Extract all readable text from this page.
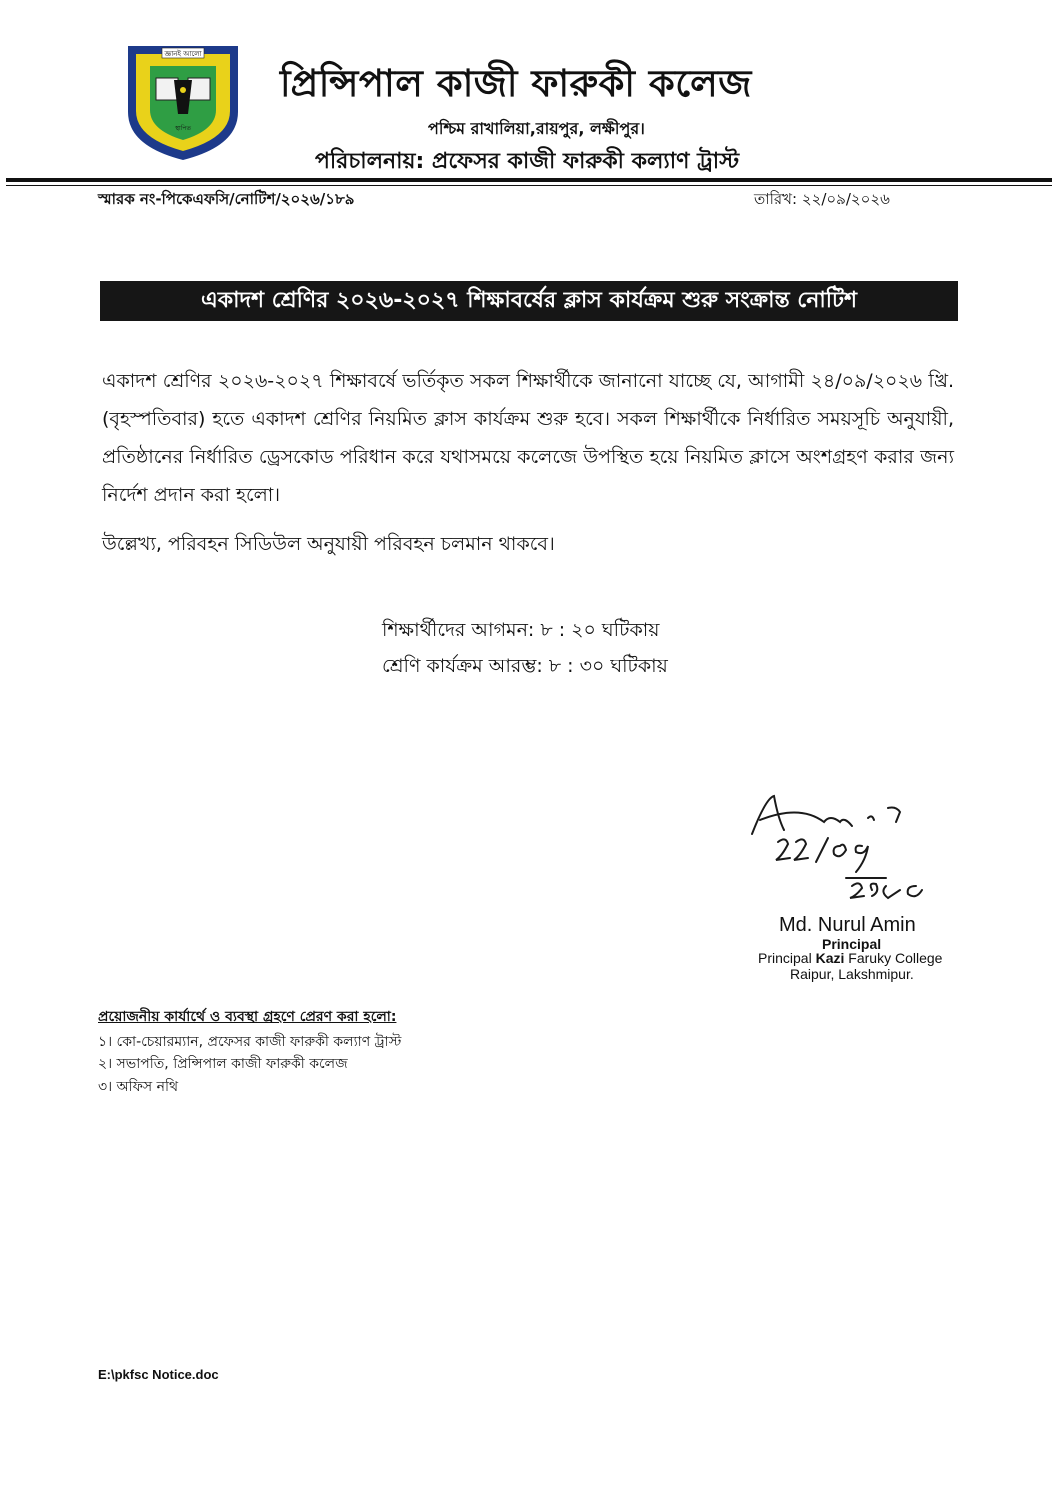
জ্ঞানই আলো
স্থাপিত
প্রিন্সিপাল কাজী ফারুকী কলেজ
পশ্চিম রাখালিয়া,রায়পুর, লক্ষীপুর।
পরিচালনায়: প্রফেসর কাজী ফারুকী কল্যাণ ট্রাস্ট
স্মারক নং-পিকেএফসি/নোটিশ/২০২৬/১৮৯	তারিখ: ২২/০৯/২০২৬
একাদশ শ্রেণির ২০২৬-২০২৭ শিক্ষাবর্ষের ক্লাস কার্যক্রম শুরু সংক্রান্ত নোটিশ
একাদশ শ্রেণির ২০২৬-২০২৭ শিক্ষাবর্ষে ভর্তিকৃত সকল শিক্ষার্থীকে জানানো যাচ্ছে যে, আগামী ২৪/০৯/২০২৬ খ্রি. (বৃহস্পতিবার) হতে একাদশ শ্রেণির নিয়মিত ক্লাস কার্যক্রম শুরু হবে। সকল শিক্ষার্থীকে নির্ধারিত সময়সূচি অনুযায়ী, প্রতিষ্ঠানের নির্ধারিত ড্রেসকোড পরিধান করে যথাসময়ে কলেজে উপস্থিত হয়ে নিয়মিত ক্লাসে অংশগ্রহণ করার জন্য নির্দেশ প্রদান করা হলো।
উল্লেখ্য, পরিবহন সিডিউল অনুযায়ী পরিবহন চলমান থাকবে।
শিক্ষার্থীদের আগমন: ৮ : ২০ ঘটিকায়
শ্রেণি কার্যক্রম আরম্ভ: ৮ : ৩০ ঘটিকায়
Md. Nurul Amin
Principal
Principal Kazi Faruky College
Raipur, Lakshmipur.
প্রয়োজনীয় কার্যার্থে ও ব্যবস্থা গ্রহণে প্রেরণ করা হলো:
১। কো-চেয়ারম্যান, প্রফেসর কাজী ফারুকী কল্যাণ ট্রাস্ট
২। সভাপতি, প্রিন্সিপাল কাজী ফারুকী কলেজ
৩। অফিস নথি
E:\pkfsc Notice.doc
